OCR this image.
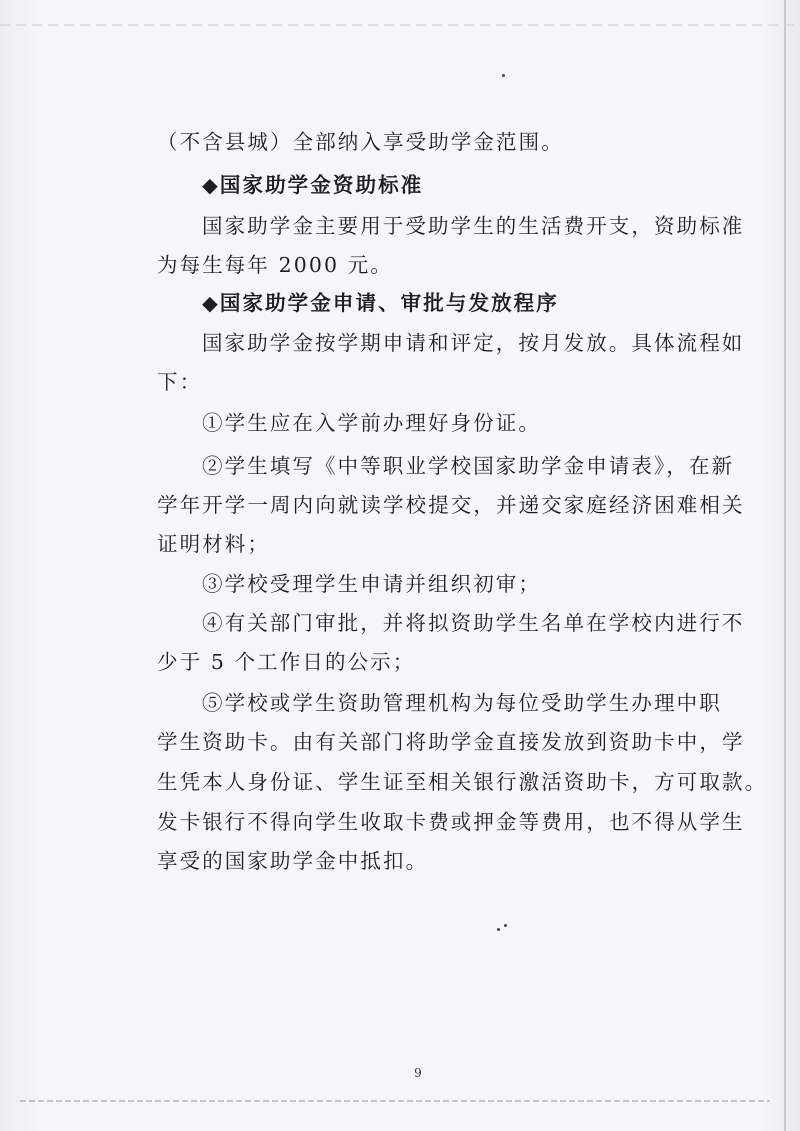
（不含县城）全部纳入享受助学金范围。
◆国家助学金资助标准
国家助学金主要用于受助学生的生活费开支，资助标准
为每生每年 2000 元。
◆国家助学金申请、审批与发放程序
国家助学金按学期申请和评定，按月发放。具体流程如
下：
①学生应在入学前办理好身份证。
②学生填写《中等职业学校国家助学金申请表》，在新
学年开学一周内向就读学校提交，并递交家庭经济困难相关
证明材料；
③学校受理学生申请并组织初审；
④有关部门审批，并将拟资助学生名单在学校内进行不
少于 5 个工作日的公示；
⑤学校或学生资助管理机构为每位受助学生办理中职
学生资助卡。由有关部门将助学金直接发放到资助卡中，学
生凭本人身份证、学生证至相关银行激活资助卡，方可取款。
发卡银行不得向学生收取卡费或押金等费用，也不得从学生
享受的国家助学金中抵扣。
9
